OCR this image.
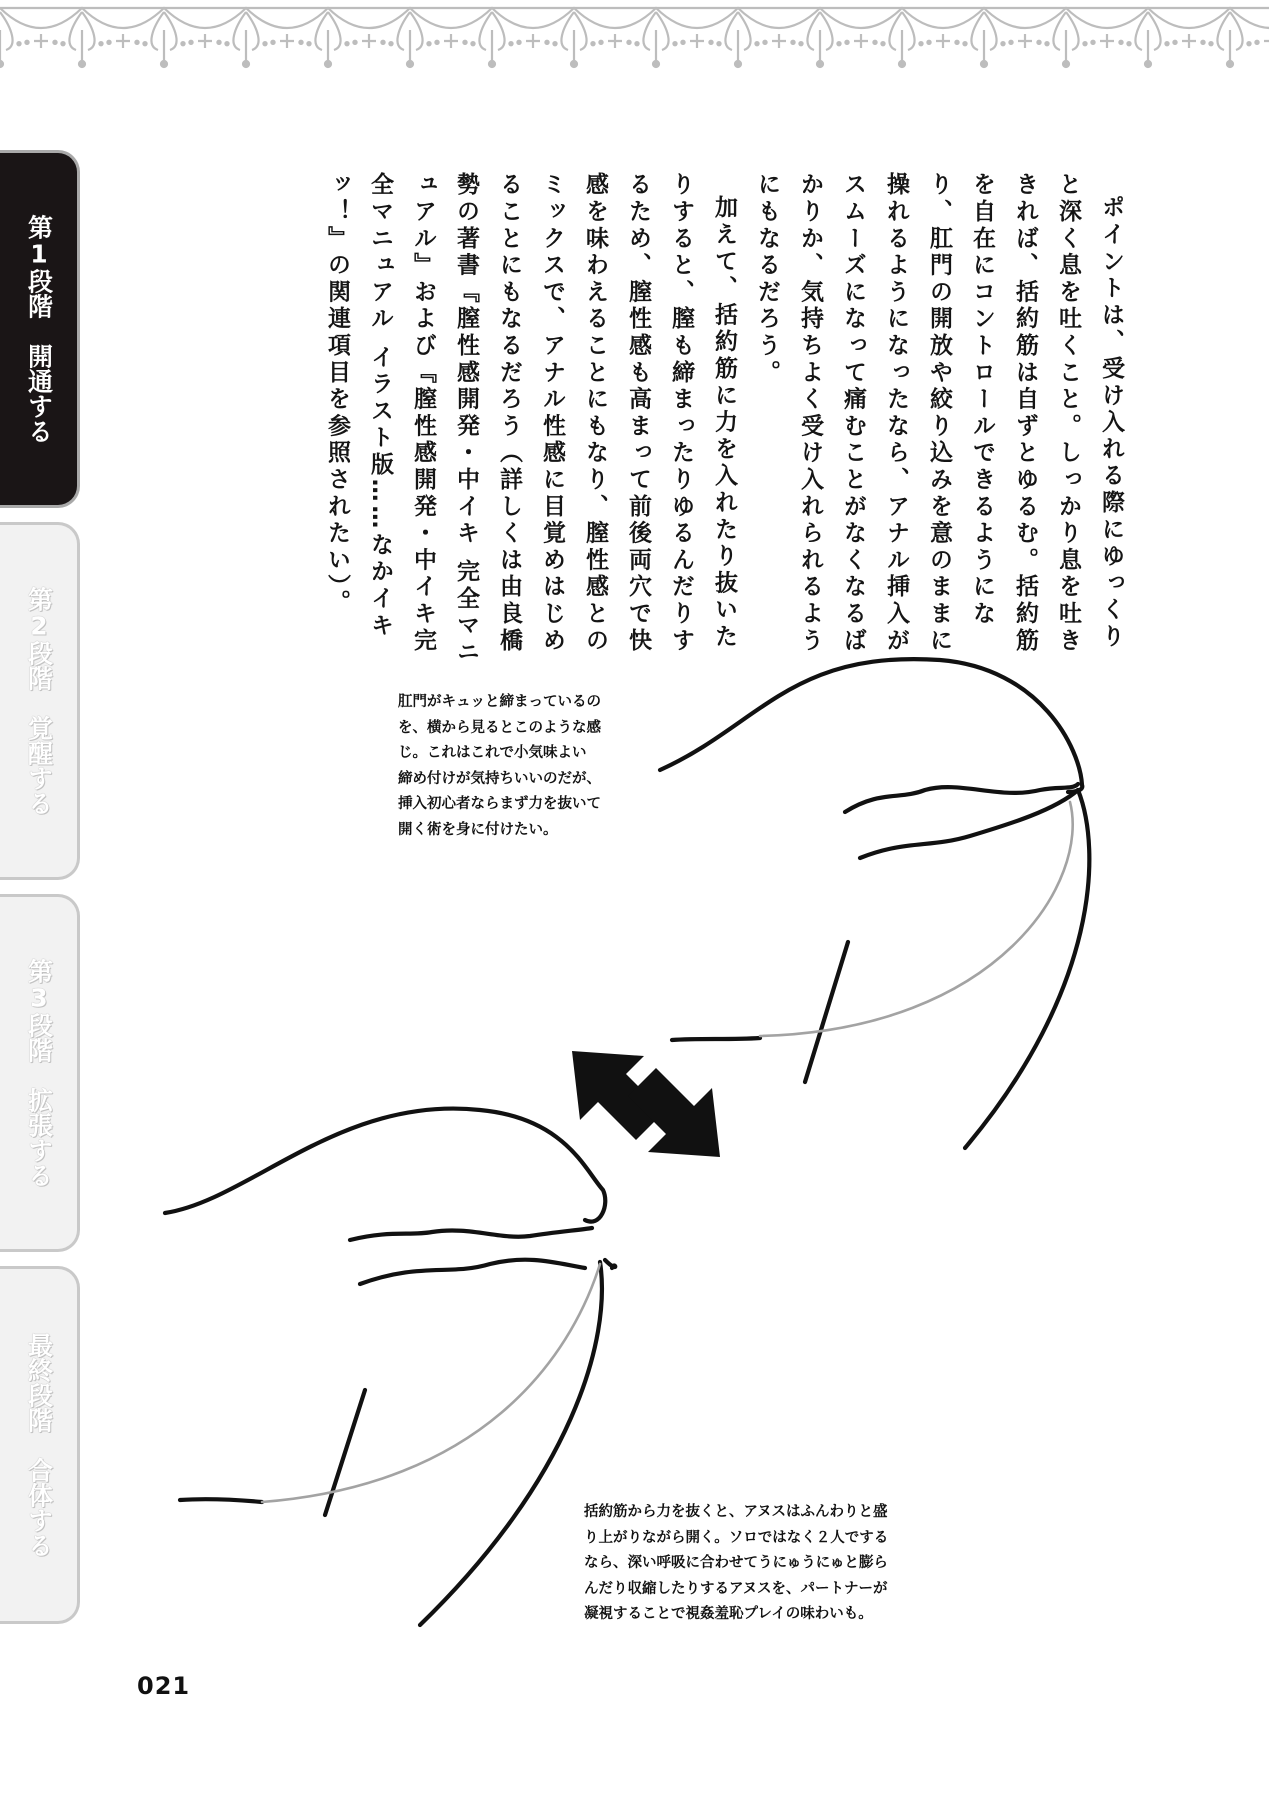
第1段階　開通する
第2段階　覚醒する
第3段階　拡張する
最終段階　合体する

ポイントは、受け入れる際にゆっくりと深く息を吐くこと。しっかり息を吐ききれば、括約筋は自ずとゆるむ。括約筋を自在にコントロールできるようになり、肛門の開放や絞り込みを意のままに操れるようになったなら、アナル挿入がスムーズになって痛むことがなくなるばかりか、気持ちよく受け入れられるようにもなるだろう。

加えて、括約筋に力を入れたり抜いたりすると、膣も締まったりゆるんだりするため、膣性感も高まって前後両穴で快感を味わえることにもなり、膣性感とのミックスで、アナル性感に目覚めはじめることにもなるだろう（詳しくは由良橋勢の著書『膣性感開発・中イキ 完全マニュアル』および『膣性感開発・中イキ完全マニュアル イラスト版……なかイキッ！』の関連項目を参照されたい）。

肛門がキュッと締まっているの
を、横から見るとこのような感
じ。これはこれで小気味よい
締め付けが気持ちいいのだが、
挿入初心者ならまず力を抜いて
開く術を身に付けたい。
括約筋から力を抜くと、アヌスはふんわりと盛
り上がりながら開く。ソロではなく２人でする
なら、深い呼吸に合わせてうにゅうにゅと膨ら
んだり収縮したりするアヌスを、パートナーが
凝視することで視姦羞恥プレイの味わいも。
021
